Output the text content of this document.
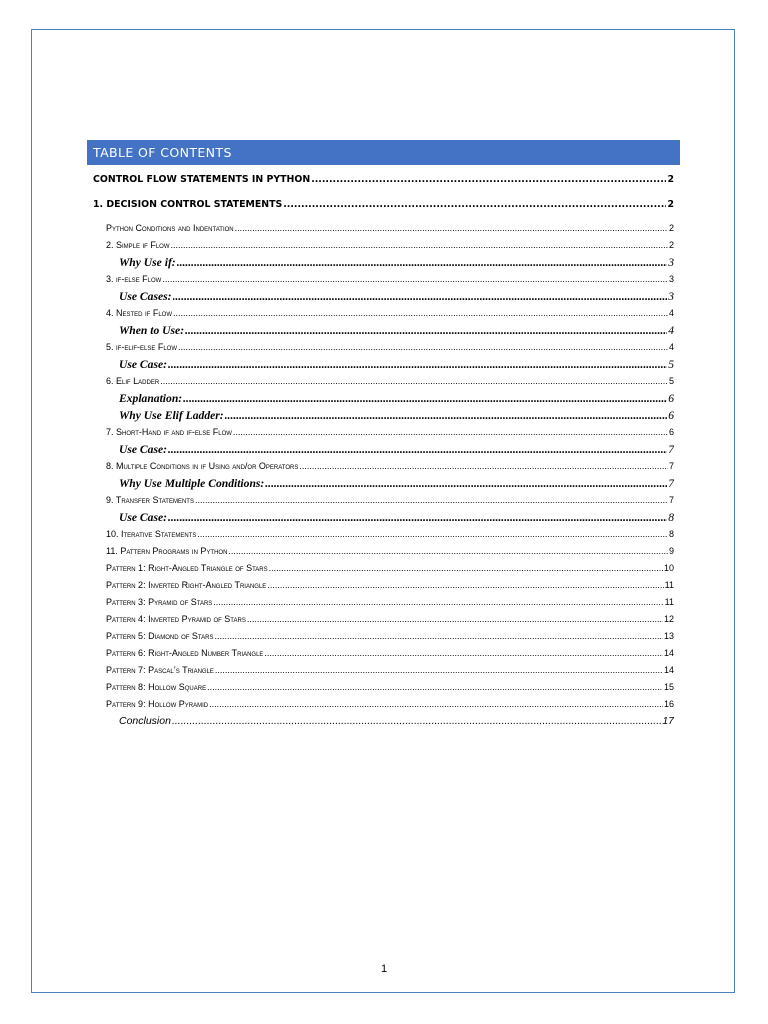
TABLE OF CONTENTS
CONTROL FLOW STATEMENTS IN PYTHON .....	2
1. DECISION CONTROL STATEMENTS .....	2
Python Conditions and Indentation .....	2
2. Simple if Flow .....	2
Why Use if: .....	3
3. if-else Flow .....	3
Use Cases: .....	3
4. Nested if Flow .....	4
When to Use: .....	4
5. if-elif-else Flow .....	4
Use Case: .....	5
6. Elif Ladder .....	5
Explanation: .....	6
Why Use Elif Ladder: .....	6
7. Short-Hand if and if-else Flow .....	6
Use Case: .....	7
8. Multiple Conditions in if Using and/or Operators .....	7
Why Use Multiple Conditions: .....	7
9. Transfer Statements .....	7
Use Case: .....	8
10. Iterative Statements .....	8
11. Pattern Programs in Python .....	9
Pattern 1: Right-Angled Triangle of Stars .....	10
Pattern 2: Inverted Right-Angled Triangle .....	11
Pattern 3: Pyramid of Stars .....	11
Pattern 4: Inverted Pyramid of Stars .....	12
Pattern 5: Diamond of Stars .....	13
Pattern 6: Right-Angled Number Triangle .....	14
Pattern 7: Pascal’s Triangle .....	14
Pattern 8: Hollow Square .....	15
Pattern 9: Hollow Pyramid .....	16
Conclusion .....	17
1
